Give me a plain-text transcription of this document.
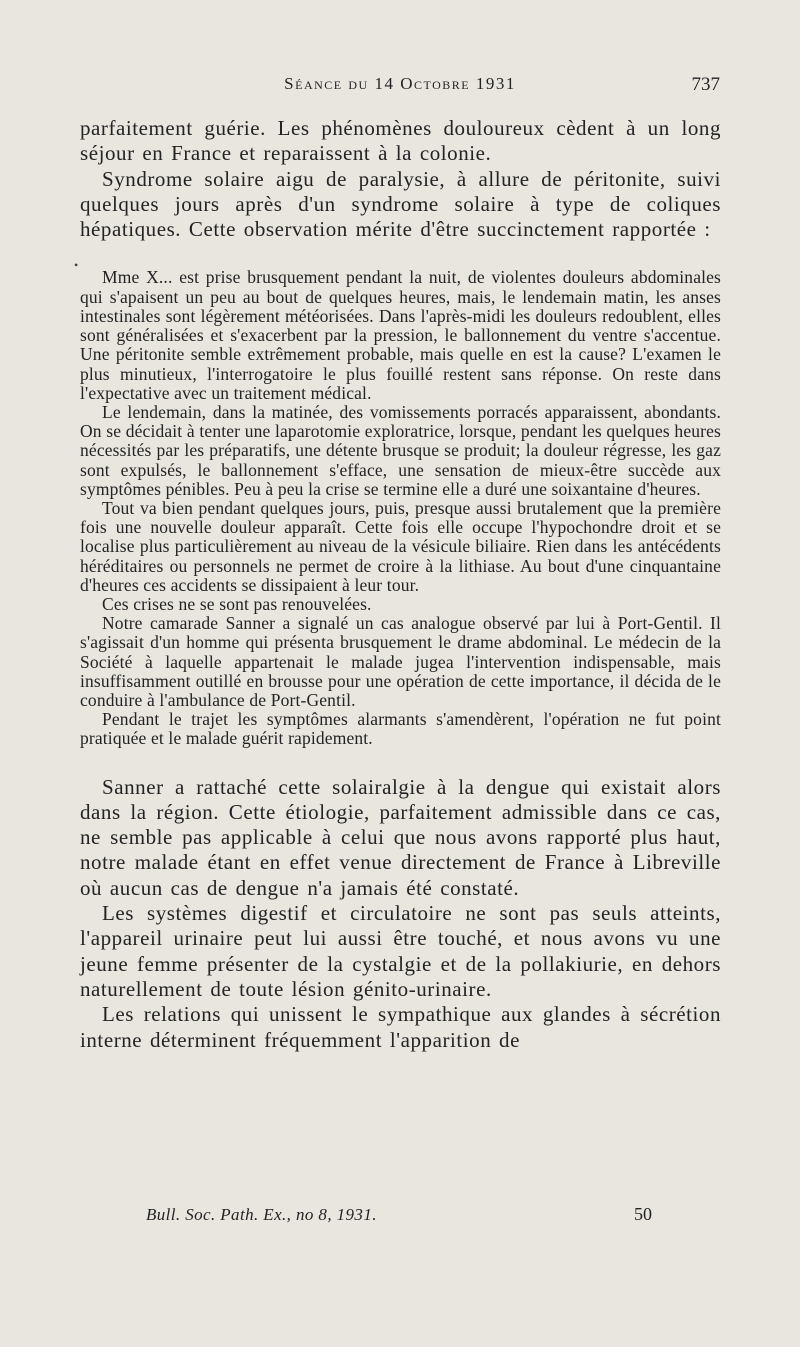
Séance du 14 Octobre 1931	737

parfaitement guérie. Les phénomènes douloureux cèdent à un long séjour en France et reparaissent à la colonie.

Syndrome solaire aigu de paralysie, à allure de péritonite, suivi quelques jours après d'un syndrome solaire à type de coliques hépatiques. Cette observation mérite d'être succinctement rapportée :

•

Mme X... est prise brusquement pendant la nuit, de violentes douleurs abdominales qui s'apaisent un peu au bout de quelques heures, mais, le lendemain matin, les anses intestinales sont légèrement météorisées. Dans l'après-midi les douleurs redoublent, elles sont généralisées et s'exacerbent par la pression, le ballonnement du ventre s'accentue. Une péritonite semble extrêmement probable, mais quelle en est la cause? L'examen le plus minutieux, l'interrogatoire le plus fouillé restent sans réponse. On reste dans l'expectative avec un traitement médical.

Le lendemain, dans la matinée, des vomissements porracés apparaissent, abondants. On se décidait à tenter une laparotomie exploratrice, lorsque, pendant les quelques heures nécessités par les préparatifs, une détente brusque se produit; la douleur régresse, les gaz sont expulsés, le ballonnement s'efface, une sensation de mieux-être succède aux symptômes pénibles. Peu à peu la crise se termine elle a duré une soixantaine d'heures.

Tout va bien pendant quelques jours, puis, presque aussi brutalement que la première fois une nouvelle douleur apparaît. Cette fois elle occupe l'hypochondre droit et se localise plus particulièrement au niveau de la vésicule biliaire. Rien dans les antécédents héréditaires ou personnels ne permet de croire à la lithiase. Au bout d'une cinquantaine d'heures ces accidents se dissipaient à leur tour.

Ces crises ne se sont pas renouvelées.

Notre camarade Sanner a signalé un cas analogue observé par lui à Port-Gentil. Il s'agissait d'un homme qui présenta brusquement le drame abdominal. Le médecin de la Société à laquelle appartenait le malade jugea l'intervention indispensable, mais insuffisamment outillé en brousse pour une opération de cette importance, il décida de le conduire à l'ambulance de Port-Gentil.

Pendant le trajet les symptômes alarmants s'amendèrent, l'opération ne fut point pratiquée et le malade guérit rapidement.

Sanner a rattaché cette solairalgie à la dengue qui existait alors dans la région. Cette étiologie, parfaitement admissible dans ce cas, ne semble pas applicable à celui que nous avons rapporté plus haut, notre malade étant en effet venue directement de France à Libreville où aucun cas de dengue n'a jamais été constaté.

Les systèmes digestif et circulatoire ne sont pas seuls atteints, l'appareil urinaire peut lui aussi être touché, et nous avons vu une jeune femme présenter de la cystalgie et de la pollakiurie, en dehors naturellement de toute lésion génito-urinaire.

Les relations qui unissent le sympathique aux glandes à sécrétion interne déterminent fréquemment l'apparition de

Bull. Soc. Path. Ex., no 8, 1931.	50
